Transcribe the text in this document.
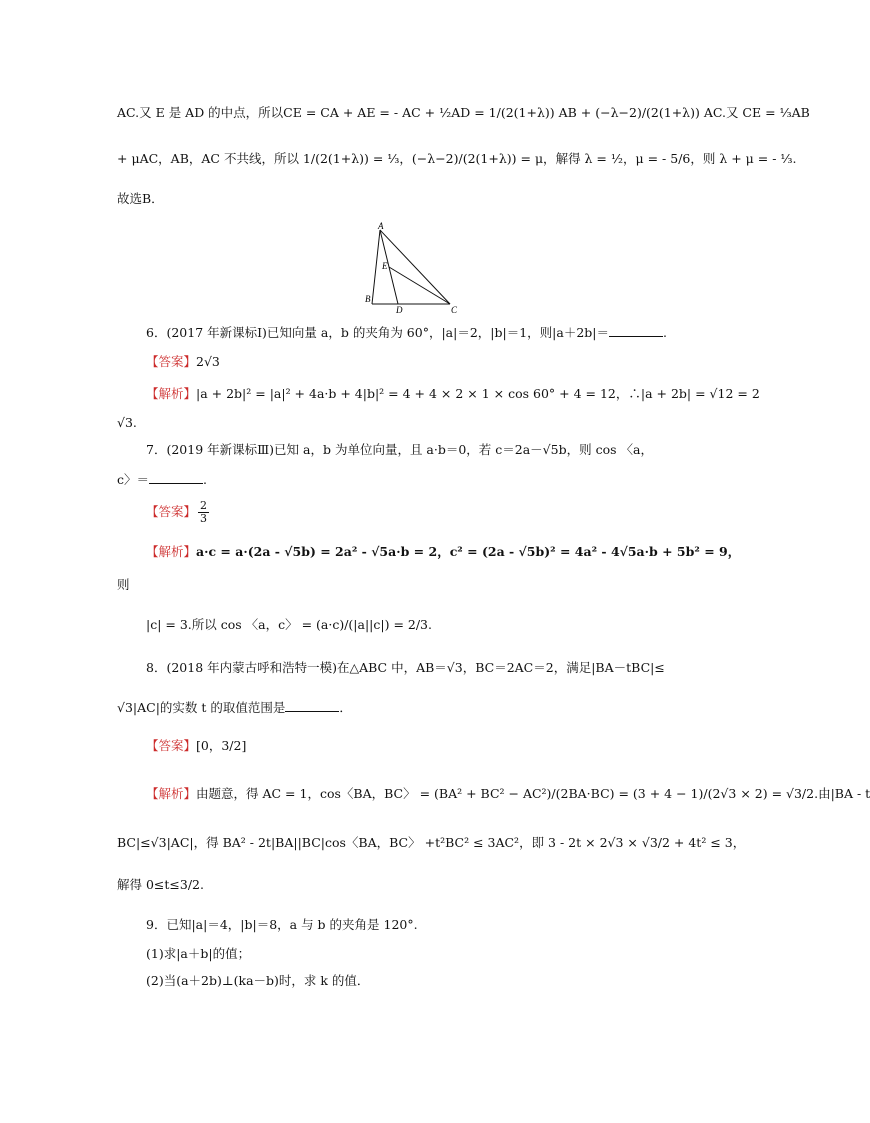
AC.又 E 是 AD 的中点，所以CE = CA + AE = - AC + ½AD = 1/(2(1+λ)) AB + (−λ−2)/(2(1+λ)) AC.又 CE = ⅓AB
+ μAC，AB，AC 不共线，所以 1/(2(1+λ)) = ⅓，(−λ−2)/(2(1+λ)) = μ，解得 λ = ½，μ = - 5/6，则 λ + μ = - ⅓.
故选B．
A
B
C
D
E
6．(2017 年新课标Ⅰ)已知向量 a，b 的夹角为 60°，|a|＝2，|b|＝1，则|a＋2b|＝	.
【答案】2√3
【解析】|a + 2b|² = |a|² + 4a·b + 4|b|² = 4 + 4 × 2 × 1 × cos 60° + 4 = 12，∴|a + 2b| = √12 = 2
√3.
7．(2019 年新课标Ⅲ)已知 a，b 为单位向量，且 a·b＝0，若 c＝2a－√5b，则 cos 〈a，
c〉＝	.
【答案】 $\frac{2}{3}$
【解析】a·c = a·(2a - √5b) = 2a² - √5a·b = 2，c² = (2a - √5b)² = 4a² - 4√5a·b + 5b² = 9，
则
|c| = 3.所以 cos 〈a，c〉 = (a·c)/(|a||c|) = 2/3.
8．(2018 年内蒙古呼和浩特一模)在△ABC 中，AB＝√3，BC＝2AC＝2，满足|BA－tBC|≤
√3|AC|的实数 t 的取值范围是	．
【答案】[0，3/2]
【解析】由题意，得 AC = 1，cos〈BA，BC〉 = (BA² + BC² − AC²)/(2BA·BC) = (3 + 4 − 1)/(2√3 × 2) = √3/2.由|BA - t
BC|≤√3|AC|，得 BA² - 2t|BA||BC|cos〈BA，BC〉 +t²BC² ≤ 3AC²，即 3 - 2t × 2√3 × √3/2 + 4t² ≤ 3，
解得 0≤t≤3/2.
9．已知|a|＝4，|b|＝8，a 与 b 的夹角是 120°.
(1)求|a＋b|的值；
(2)当(a＋2b)⊥(ka－b)时，求 k 的值．
